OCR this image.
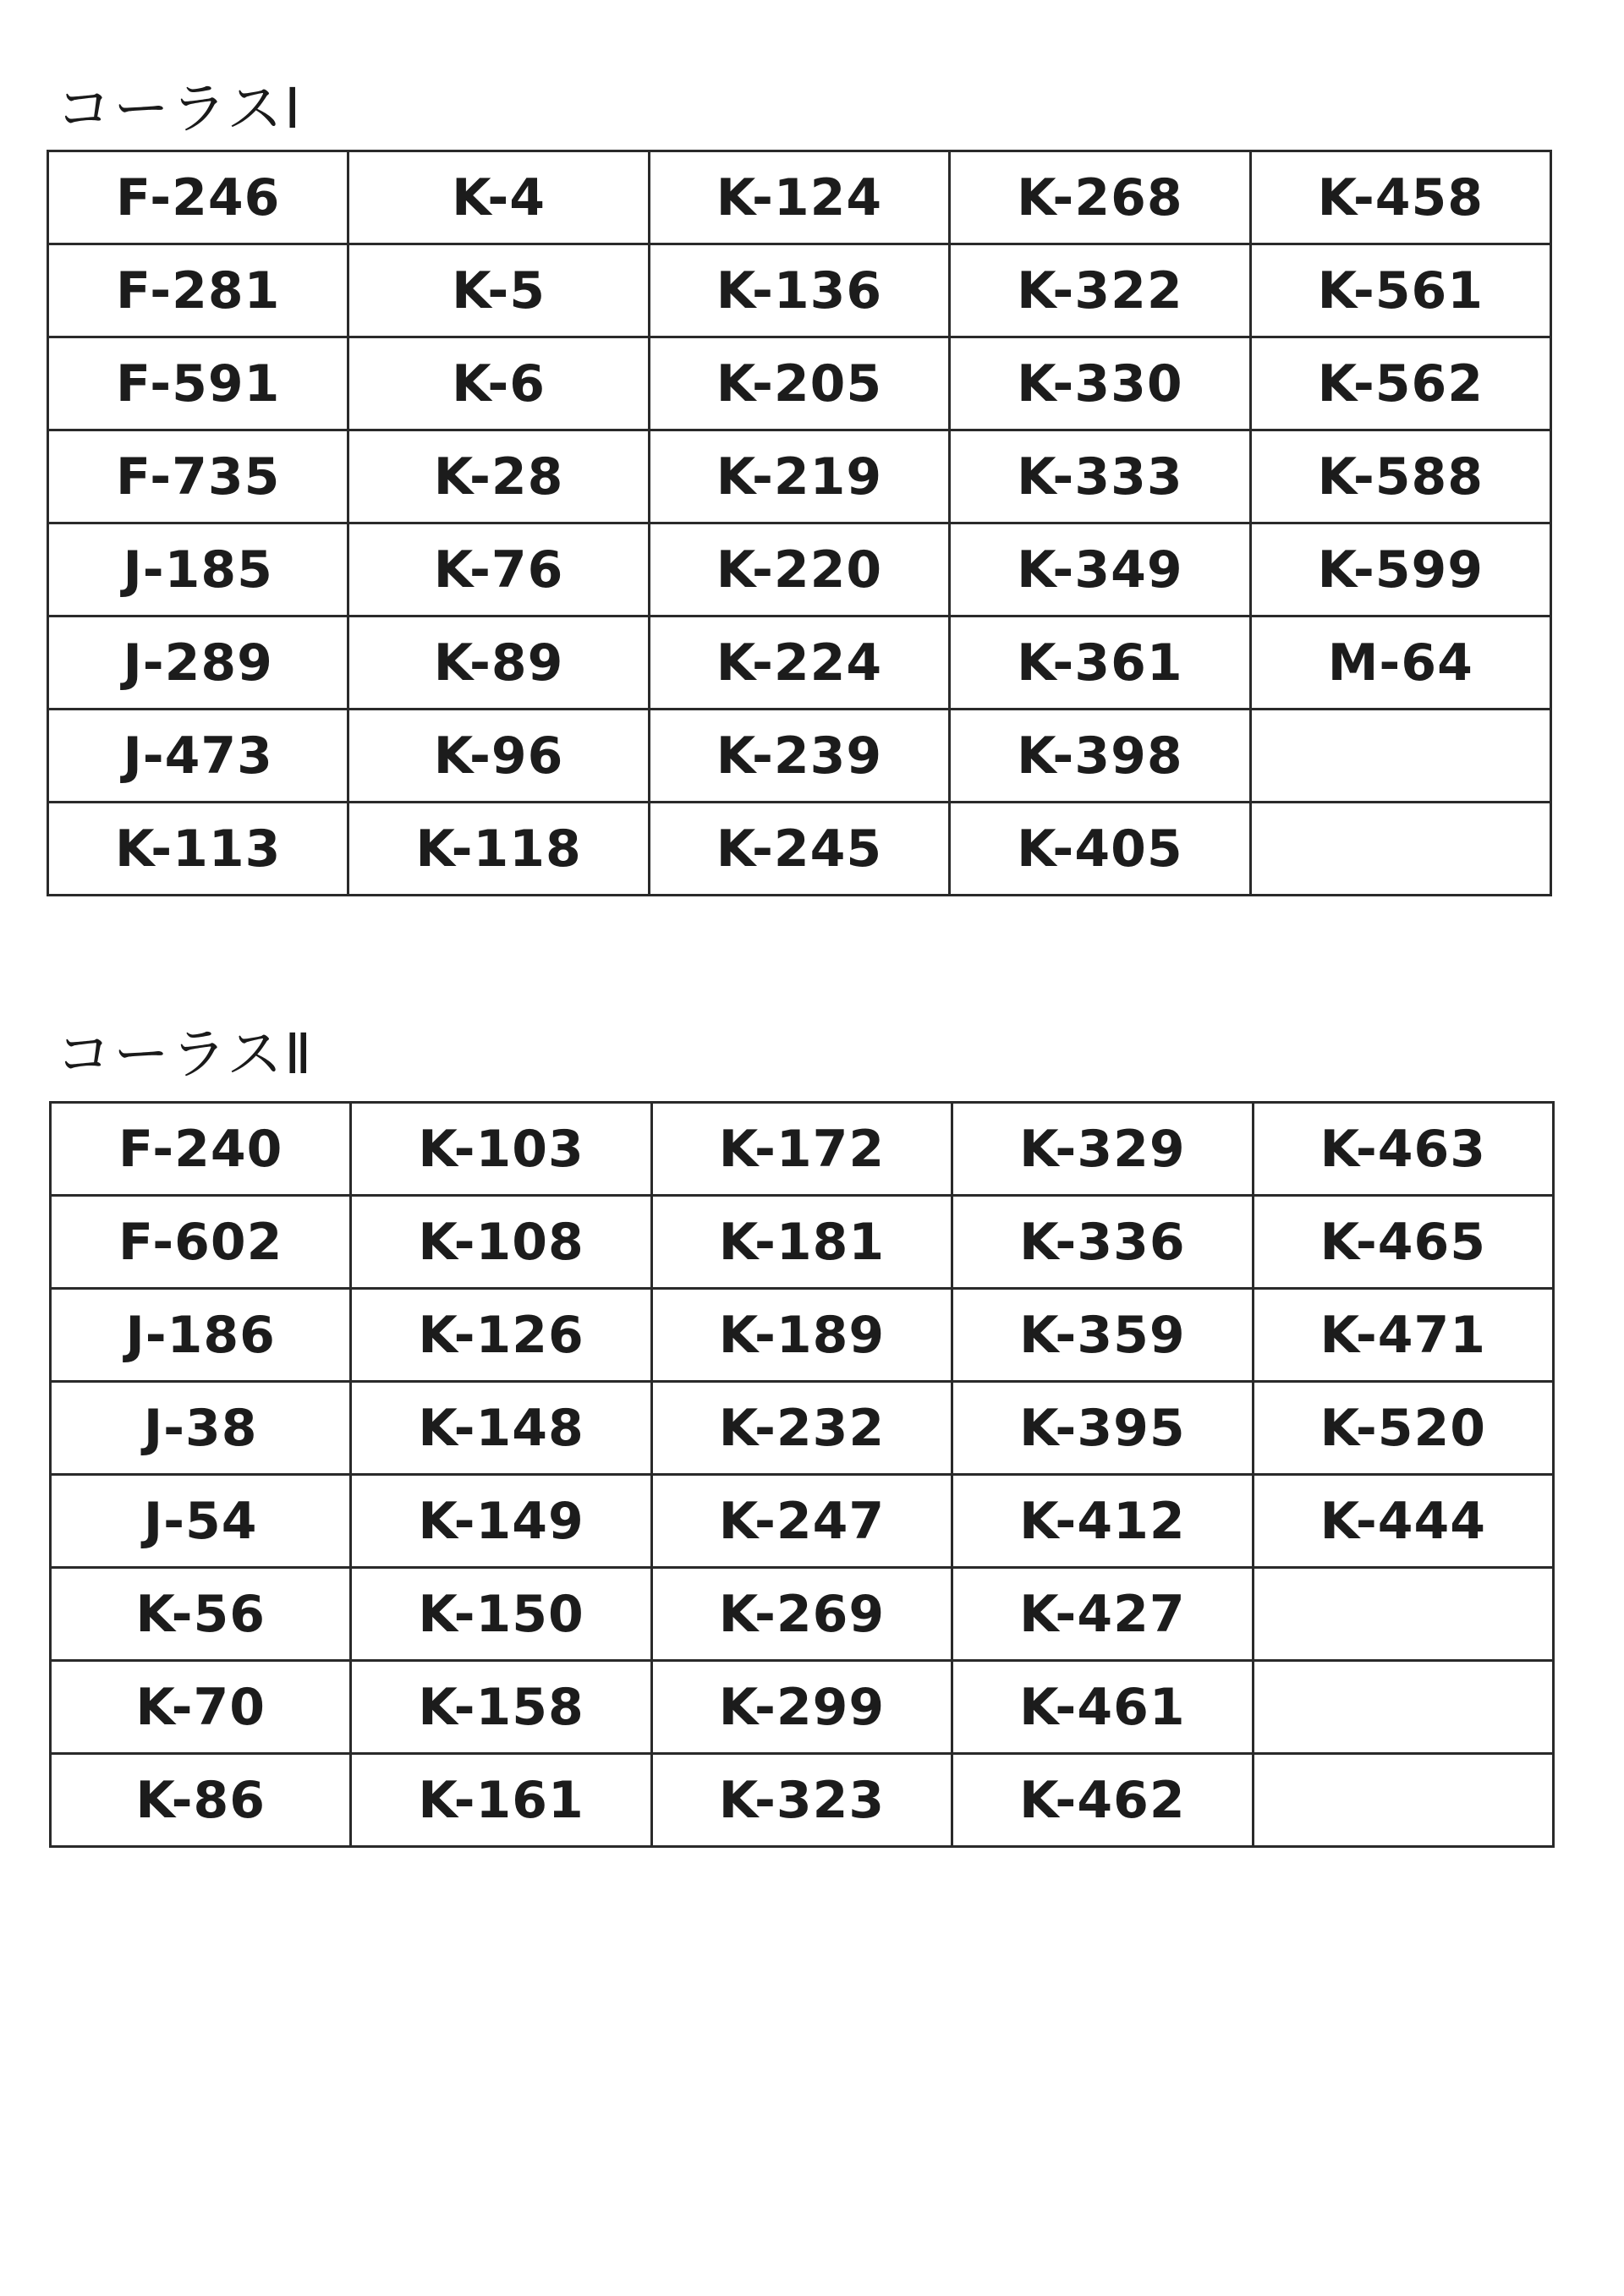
コーラスⅠ
F-246	K-4	K-124	K-268	K-458
F-281	K-5	K-136	K-322	K-561
F-591	K-6	K-205	K-330	K-562
F-735	K-28	K-219	K-333	K-588
J-185	K-76	K-220	K-349	K-599
J-289	K-89	K-224	K-361	M-64
J-473	K-96	K-239	K-398	
K-113	K-118	K-245	K-405	
コーラスⅡ
F-240	K-103	K-172	K-329	K-463
F-602	K-108	K-181	K-336	K-465
J-186	K-126	K-189	K-359	K-471
J-38	K-148	K-232	K-395	K-520
J-54	K-149	K-247	K-412	K-444
K-56	K-150	K-269	K-427	
K-70	K-158	K-299	K-461	
K-86	K-161	K-323	K-462	
